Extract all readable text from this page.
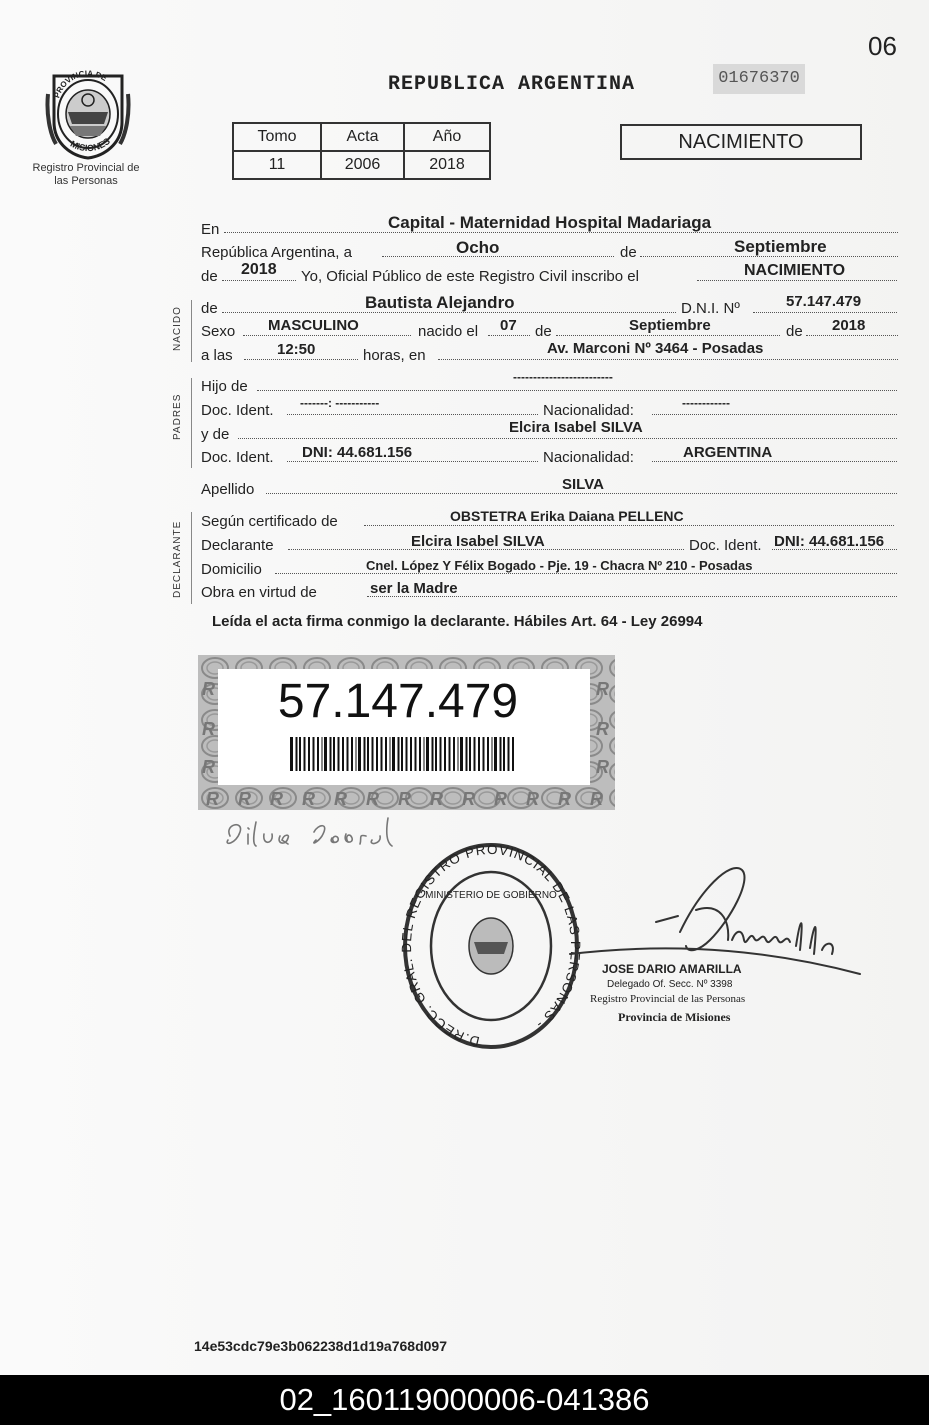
06
PROVINCIA DE
MISIONES
Registro Provincial de las Personas
REPUBLICA ARGENTINA	01676370
Tomo	Acta	Año
11	2006	2018
NACIMIENTO
NACIDO
PADRES
DECLARANTE
En	Capital - Maternidad Hospital Madariaga
República Argentina, a	Ocho	de	Septiembre
de 2018 Yo, Oficial Público de este Registro Civil inscribo el	NACIMIENTO
de	Bautista Alejandro	D.N.I. Nº	57.147.479
Sexo MASCULINO	nacido el 07 de	Septiembre	de 2018
a las	12:50	horas, en	Av. Marconi Nº 3464 - Posadas
Hijo de
-------------------------
Doc. Ident. -------: -----------	Nacionalidad:	------------
y de	Elcira Isabel SILVA
Doc. Ident. DNI: 44.681.156	Nacionalidad:	ARGENTINA
Apellido	SILVA
Según certificado de	OBSTETRA Erika Daiana PELLENC
Declarante	Elcira Isabel SILVA	Doc. Ident. DNI: 44.681.156
Domicilio	Cnel. López Y Félix Bogado - Pje. 19 - Chacra Nº 210 - Posadas
Obra en virtud de	ser la Madre
Leída el acta firma conmigo la declarante. Hábiles Art. 64 - Ley 26994
R R R R R R R R R R R R RR R RR R R
57.147.479
D.RECC. GRAL. DEL REGISTRO PROVINCIAL DE LAS PERSONAS -
MINISTERIO DE GOBIERNO
JOSE DARIO AMARILLA
Delegado Of. Secc. Nº 3398
Registro Provincial de las Personas
Provincia de Misiones
14e53cdc79e3b062238d1d19a768d097
02_160119000006-041386
